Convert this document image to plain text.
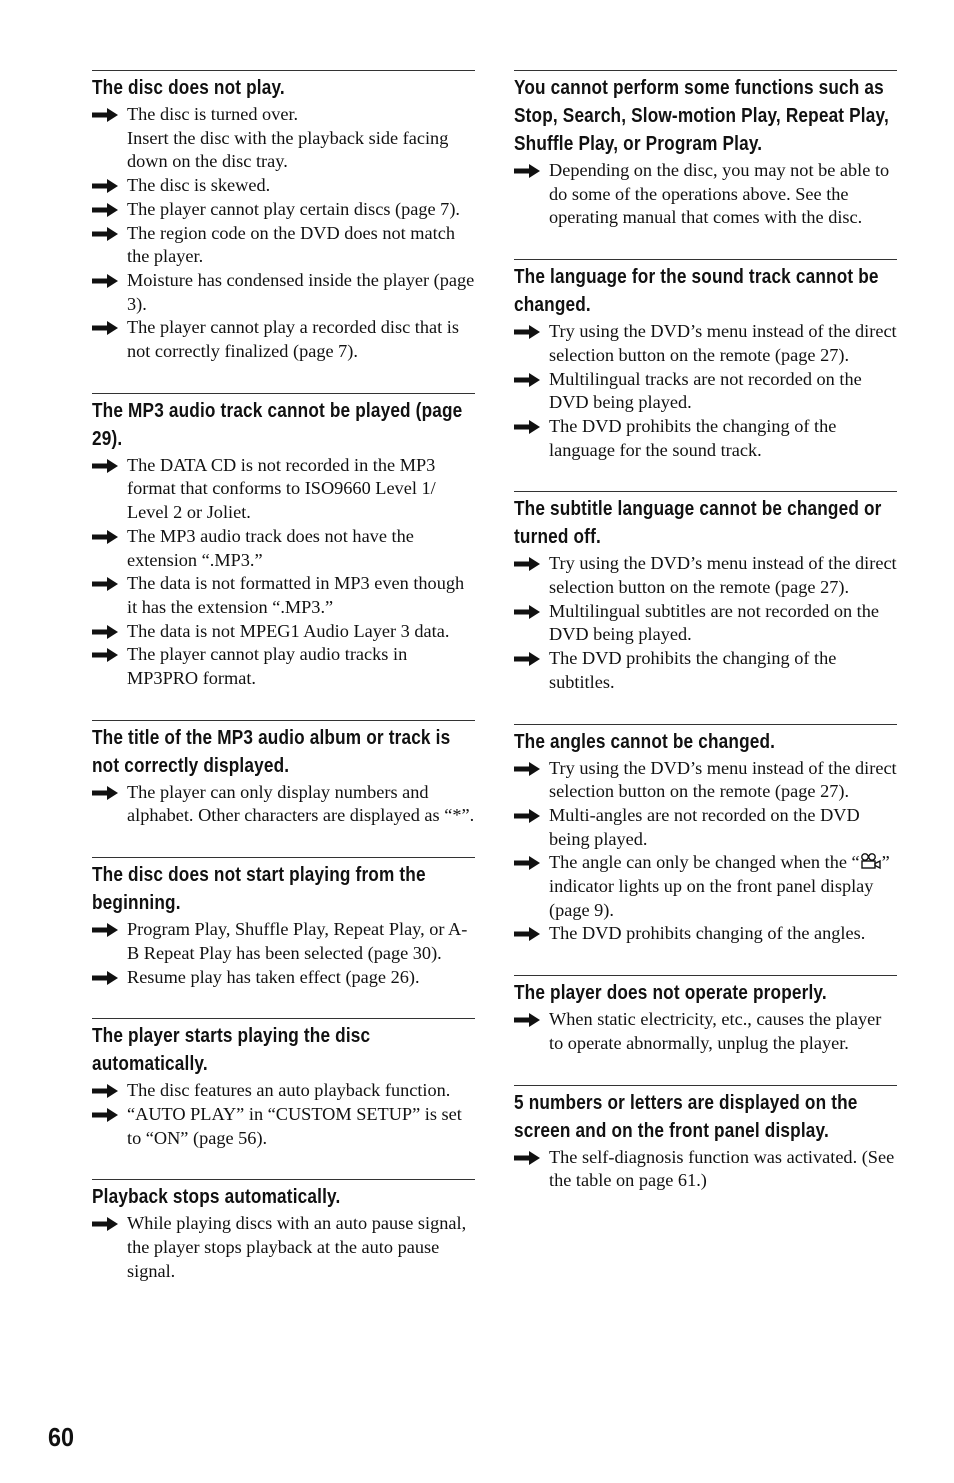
The disc does not play.
The disc is turned over.
Insert the disc with the playback side facing down on the disc tray.
The disc is skewed.
The player cannot play certain discs (page 7).
The region code on the DVD does not match the player.
Moisture has condensed inside the player (page 3).
The player cannot play a recorded disc that is not correctly finalized (page 7).
The MP3 audio track cannot be played (page 29).
The DATA CD is not recorded in the MP3 format that conforms to ISO9660 Level 1/ Level 2 or Joliet.
The MP3 audio track does not have the extension “.MP3.”
The data is not formatted in MP3 even though it has the extension “.MP3.”
The data is not MPEG1 Audio Layer 3 data.
The player cannot play audio tracks in MP3PRO format.
The title of the MP3 audio album or track is not correctly displayed.
The player can only display numbers and alphabet. Other characters are displayed as “*”.
The disc does not start playing from the beginning.
Program Play, Shuffle Play, Repeat Play, or A-B Repeat Play has been selected (page 30).
Resume play has taken effect (page 26).
The player starts playing the disc automatically.
The disc features an auto playback function.
“AUTO PLAY” in “CUSTOM SETUP” is set to “ON” (page 56).
Playback stops automatically.
While playing discs with an auto pause signal, the player stops playback at the auto pause signal.
You cannot perform some functions such as Stop, Search, Slow-motion Play, Repeat Play, Shuffle Play, or Program Play.
Depending on the disc, you may not be able to do some of the operations above. See the operating manual that comes with the disc.
The language for the sound track cannot be changed.
Try using the DVD’s menu instead of the direct selection button on the remote (page 27).
Multilingual tracks are not recorded on the DVD being played.
The DVD prohibits the changing of the language for the sound track.
The subtitle language cannot be changed or turned off.
Try using the DVD’s menu instead of the direct selection button on the remote (page 27).
Multilingual subtitles are not recorded on the DVD being played.
The DVD prohibits the changing of the subtitles.
The angles cannot be changed.
Try using the DVD’s menu instead of the direct selection button on the remote (page 27).
Multi-angles are not recorded on the DVD being played.
The angle can only be changed when the “ ” indicator lights up on the front panel display (page 9).
The DVD prohibits changing of the angles.
The player does not operate properly.
When static electricity, etc., causes the player to operate abnormally, unplug the player.
5 numbers or letters are displayed on the screen and on the front panel display.
The self-diagnosis function was activated. (See the table on page 61.)
60
